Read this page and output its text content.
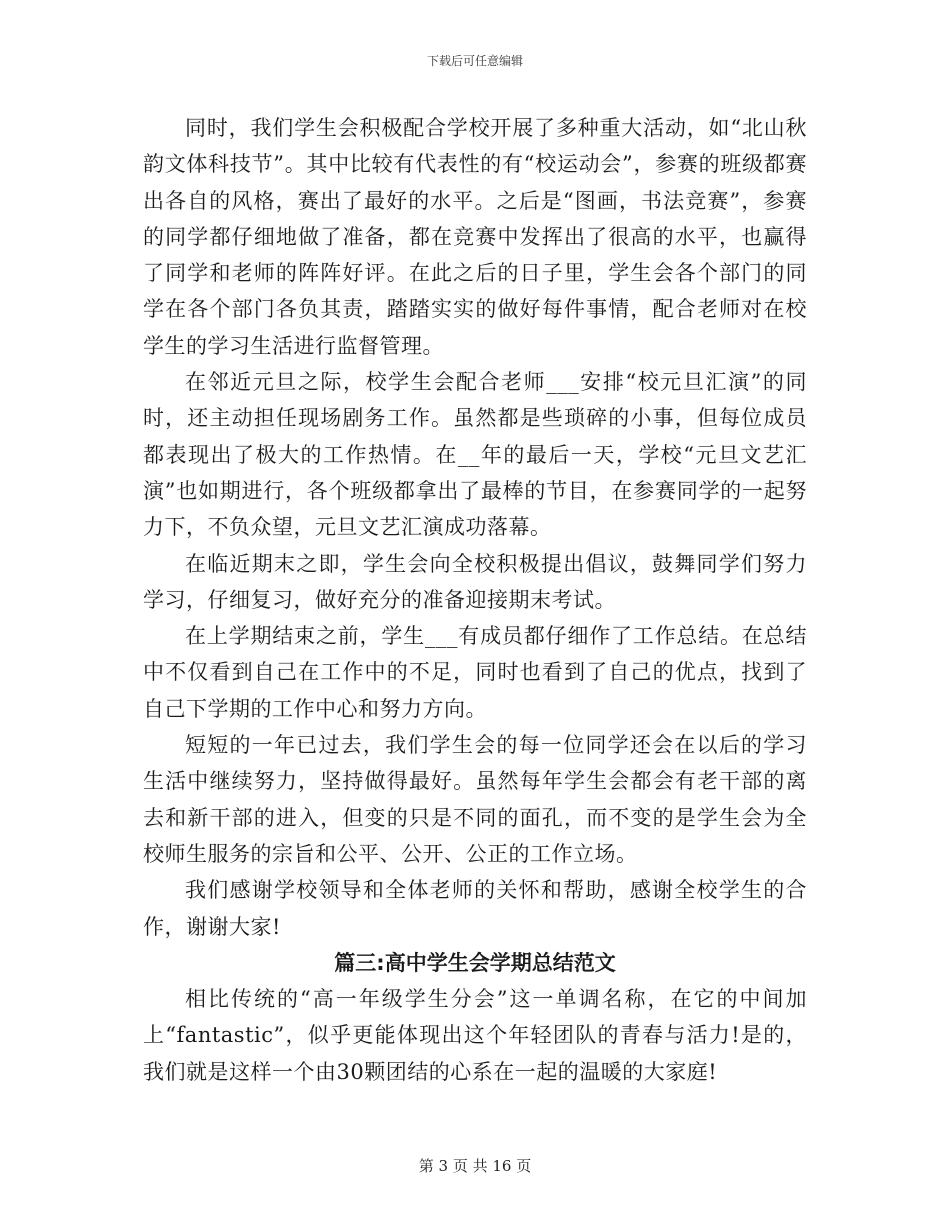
下载后可任意编辑

同时，我们学生会积极配合学校开展了多种重大活动，如“北山秋韵文体科技节”。其中比较有代表性的有“校运动会”，参赛的班级都赛出各自的风格，赛出了最好的水平。之后是“图画，书法竞赛”，参赛的同学都仔细地做了准备，都在竞赛中发挥出了很高的水平，也赢得了同学和老师的阵阵好评。在此之后的日子里，学生会各个部门的同学在各个部门各负其责，踏踏实实的做好每件事情，配合老师对在校学生的学习生活进行监督管理。

在邻近元旦之际，校学生会配合老师___安排“校元旦汇演”的同时，还主动担任现场剧务工作。虽然都是些琐碎的小事，但每位成员都表现出了极大的工作热情。在__年的最后一天，学校“元旦文艺汇演”也如期进行，各个班级都拿出了最棒的节目，在参赛同学的一起努力下，不负众望，元旦文艺汇演成功落幕。

在临近期末之即，学生会向全校积极提出倡议，鼓舞同学们努力学习，仔细复习，做好充分的准备迎接期末考试。

在上学期结束之前，学生___有成员都仔细作了工作总结。在总结中不仅看到自己在工作中的不足，同时也看到了自己的优点，找到了自己下学期的工作中心和努力方向。

短短的一年已过去，我们学生会的每一位同学还会在以后的学习生活中继续努力，坚持做得最好。虽然每年学生会都会有老干部的离去和新干部的进入，但变的只是不同的面孔，而不变的是学生会为全校师生服务的宗旨和公平、公开、公正的工作立场。

我们感谢学校领导和全体老师的关怀和帮助，感谢全校学生的合作，谢谢大家!

篇三:高中学生会学期总结范文

相比传统的“高一年级学生分会”这一单调名称，在它的中间加上“fantastic”，似乎更能体现出这个年轻团队的青春与活力!是的，我们就是这样一个由30颗团结的心系在一起的温暖的大家庭!

第 3 页 共 16 页
